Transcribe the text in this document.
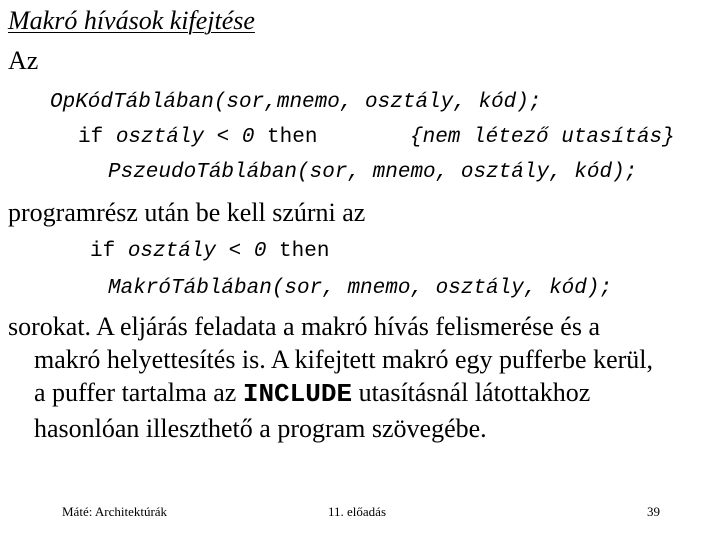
Makró hívások kifejtése
Az
OpKódTáblában(sor,mnemo, osztály, kód);
if osztály < 0 then	{nem létező utasítás}
PszeudoTáblában(sor, mnemo, osztály, kód);
programrész után be kell szúrni az
if osztály < 0 then
MakróTáblában(sor, mnemo, osztály, kód);
sorokat. A eljárás feladata a makró hívás felismerése és a
makró helyettesítés is. A kifejtett makró egy pufferbe kerül,
a puffer tartalma az INCLUDE utasításnál látottakhoz
hasonlóan illeszthető a program szövegébe.
Máté: Architektúrák	11. előadás	39
